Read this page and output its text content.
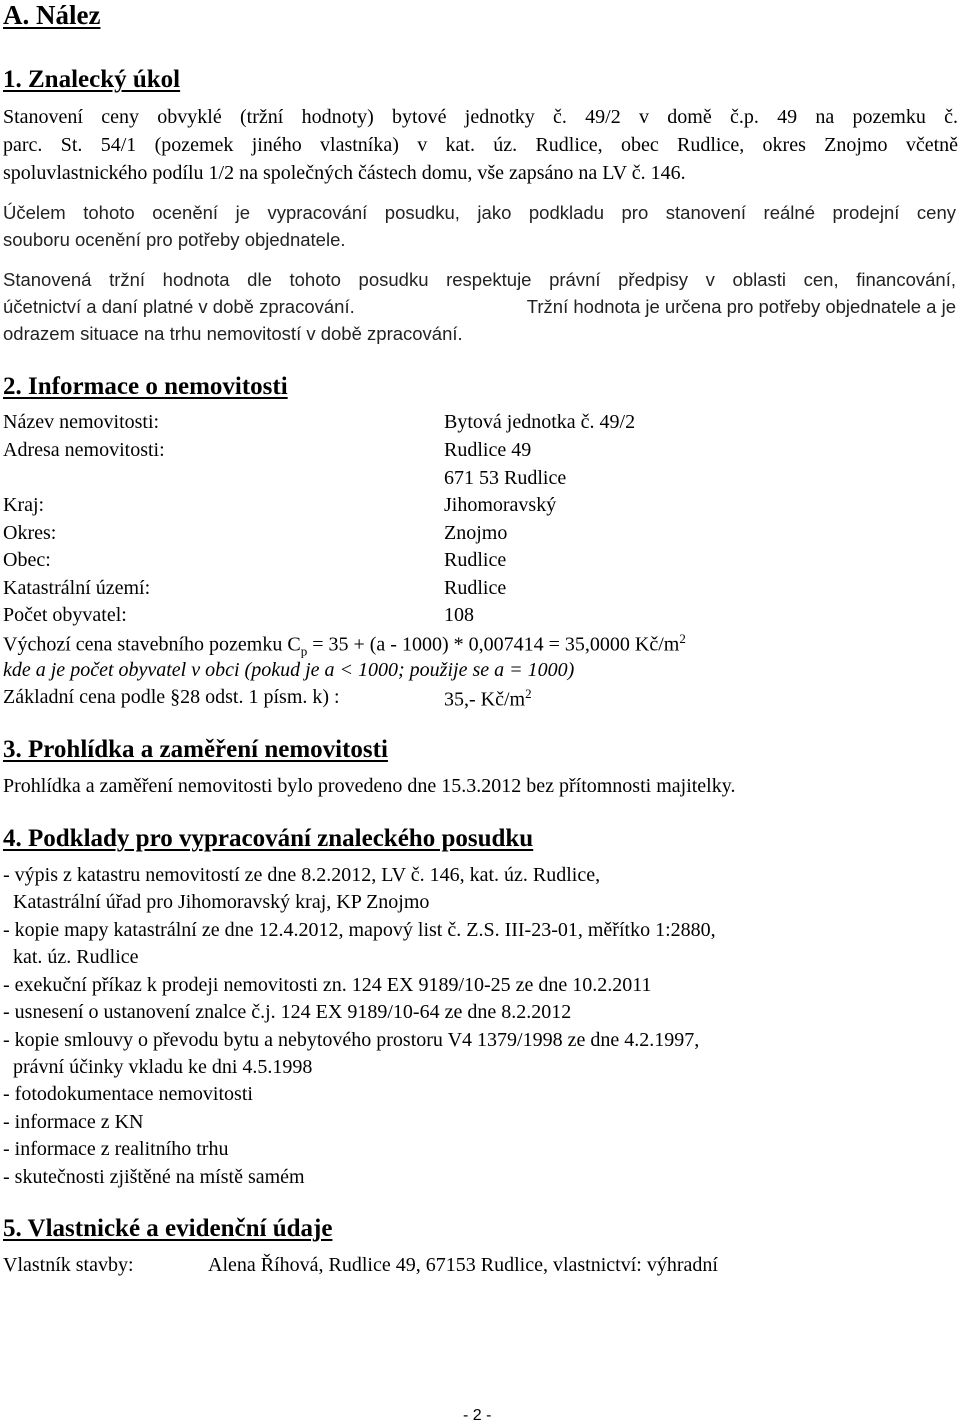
A. Nález
1. Znalecký úkol
Stanovení ceny obvyklé (tržní hodnoty) bytové jednotky č. 49/2 v domě č.p. 49 na pozemku č.
parc. St. 54/1 (pozemek jiného vlastníka) v kat. úz. Rudlice, obec Rudlice, okres Znojmo včetně
spoluvlastnického podílu 1/2 na společných částech domu, vše zapsáno na LV č. 146.
Účelem tohoto ocenění je vypracování posudku, jako podkladu pro stanovení reálné prodejní ceny
souboru ocenění pro potřeby objednatele.
Stanovená tržní hodnota dle tohoto posudku respektuje právní předpisy v oblasti cen, financování,
účetnictví a daní platné v době zpracování.	Tržní hodnota je určena pro potřeby objednatele a je
odrazem situace na trhu nemovitostí v době zpracování.
2. Informace o nemovitosti
Název nemovitosti:	Bytová jednotka č. 49/2
Adresa nemovitosti:	Rudlice 49
671 53 Rudlice
Kraj:	Jihomoravský
Okres:	Znojmo
Obec:	Rudlice
Katastrální území:	Rudlice
Počet obyvatel:	108
Výchozí cena stavebního pozemku $C_p = 35 + (a - 1000) * 0,007414 = 35,0000$ $Kč/m^2$
kde a je počet obyvatel v obci (pokud je a < 1000; použije se a = 1000)
Základní cena podle §28 odst. 1 písm. k) :	35,- $Kč/m^2$
3. Prohlídka a zaměření nemovitosti
Prohlídka a zaměření nemovitosti bylo provedeno dne 15.3.2012 bez přítomnosti majitelky.
4. Podklady pro vypracování znaleckého posudku
- výpis z katastru nemovitostí ze dne 8.2.2012, LV č. 146, kat. úz. Rudlice,
Katastrální úřad pro Jihomoravský kraj, KP Znojmo
- kopie mapy katastrální ze dne 12.4.2012, mapový list č. Z.S. III-23-01, měřítko 1:2880,
kat. úz. Rudlice
- exekuční příkaz k prodeji nemovitosti zn. 124 EX 9189/10-25 ze dne 10.2.2011
- usnesení o ustanovení znalce č.j. 124 EX 9189/10-64 ze dne 8.2.2012
- kopie smlouvy o převodu bytu a nebytového prostoru V4 1379/1998 ze dne 4.2.1997,
právní účinky vkladu ke dni 4.5.1998
- fotodokumentace nemovitosti
- informace z KN
- informace z realitního trhu
- skutečnosti zjištěné na místě samém
5. Vlastnické a evidenční údaje
Vlastník stavby:	Alena Říhová, Rudlice 49, 67153 Rudlice, vlastnictví: výhradní
- 2 -
